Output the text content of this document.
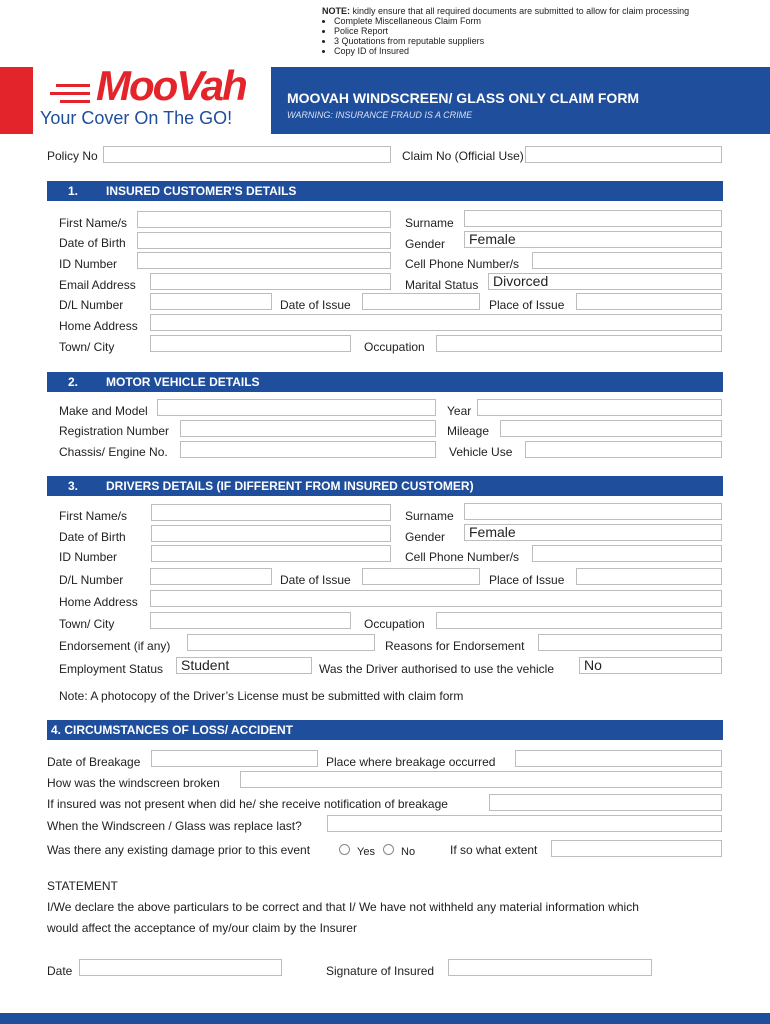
NOTE: kindly ensure that all required documents are submitted to allow for claim processing
• Complete Miscellaneous Claim Form
• Police Report
• 3 Quotations from reputable suppliers
• Copy ID of Insured
MooVah
Your Cover On The GO!
MOOVAH WINDSCREEN/ GLASS ONLY CLAIM FORM
WARNING: INSURANCE FRAUD IS A CRIME
Policy No	Claim No (Official Use)
1. INSURED CUSTOMER'S DETAILS
First Name/s	Surname
Date of Birth	Gender	Female
ID Number	Cell Phone Number/s
Email Address	Marital Status	Divorced
D/L Number	Date of Issue	Place of Issue
Home Address
Town/ City	Occupation
2. MOTOR VEHICLE DETAILS
Make and Model	Year
Registration Number	Mileage
Chassis/ Engine No.	Vehicle Use
3. DRIVERS DETAILS (IF DIFFERENT FROM INSURED CUSTOMER)
First Name/s	Surname
Date of Birth	Gender	Female
ID Number	Cell Phone Number/s
D/L Number	Date of Issue	Place of Issue
Home Address
Town/ City	Occupation
Endorsement (if any)	Reasons for Endorsement
Employment Status	Student	Was the Driver authorised to use the vehicle	No
Note: A photocopy of the Driver’s License must be submitted with claim form
4. CIRCUMSTANCES OF LOSS/ ACCIDENT
Date of Breakage	Place where breakage occurred
How was the windscreen broken
If insured was not present when did he/ she receive notification of breakage
When the Windscreen / Glass was replace last?
Was there any existing damage prior to this event	Yes No	If so what extent
STATEMENT
I/We declare the above particulars to be correct and that I/ We have not withheld any material information which
would affect the acceptance of my/our claim by the Insurer
Date	Signature of Insured
